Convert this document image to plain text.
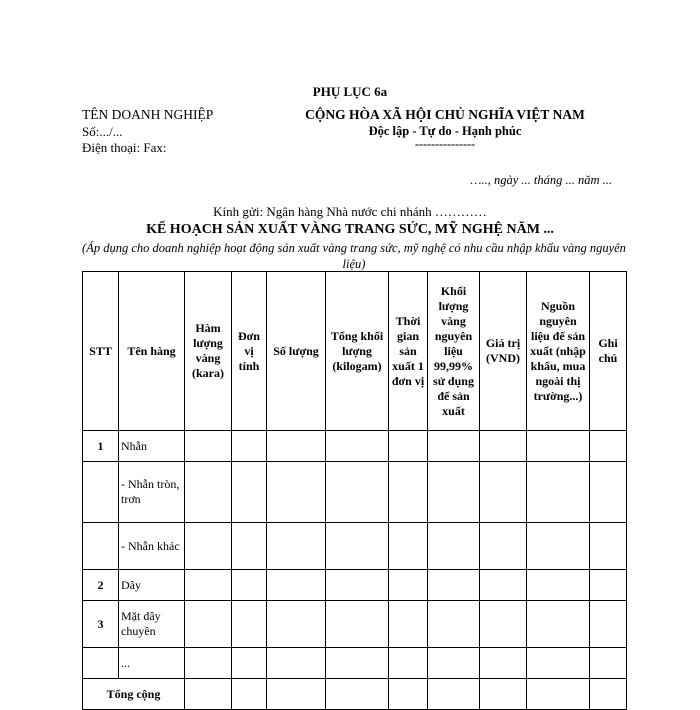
PHỤ LỤC 6a
TÊN DOANH NGHIỆP
Số:.../...
Điện thoại: Fax:
CỘNG HÒA XÃ HỘI CHỦ NGHĨA VIỆT NAM
Độc lập - Tự do - Hạnh phúc
---------------
….., ngày ... tháng ... năm ...
Kính gửi: Ngân hàng Nhà nước chi nhánh …………
KẾ HOẠCH SẢN XUẤT VÀNG TRANG SỨC, MỸ NGHỆ NĂM ...
(Áp dụng cho doanh nghiệp hoạt động sản xuất vàng trang sức, mỹ nghệ có nhu cầu nhập khẩu vàng nguyên liệu)
STT	Tên hàng	Hàm lượng vàng (kara)	Đơn vị tính	Số lượng	Tổng khối lượng (kilogam)	Thời gian sản xuất 1 đơn vị	Khối lượng vàng nguyên liệu 99,99% sử dụng để sản xuất	Giá trị (VND)	Nguồn nguyên liệu để sản xuất (nhập khẩu, mua ngoài thị trường...)	Ghi chú
1	Nhẫn									
	- Nhẫn tròn, trơn									
	- Nhẫn khác									
2	Dây									
3	Mặt dây chuyền									
	...									
Tổng cộng										
